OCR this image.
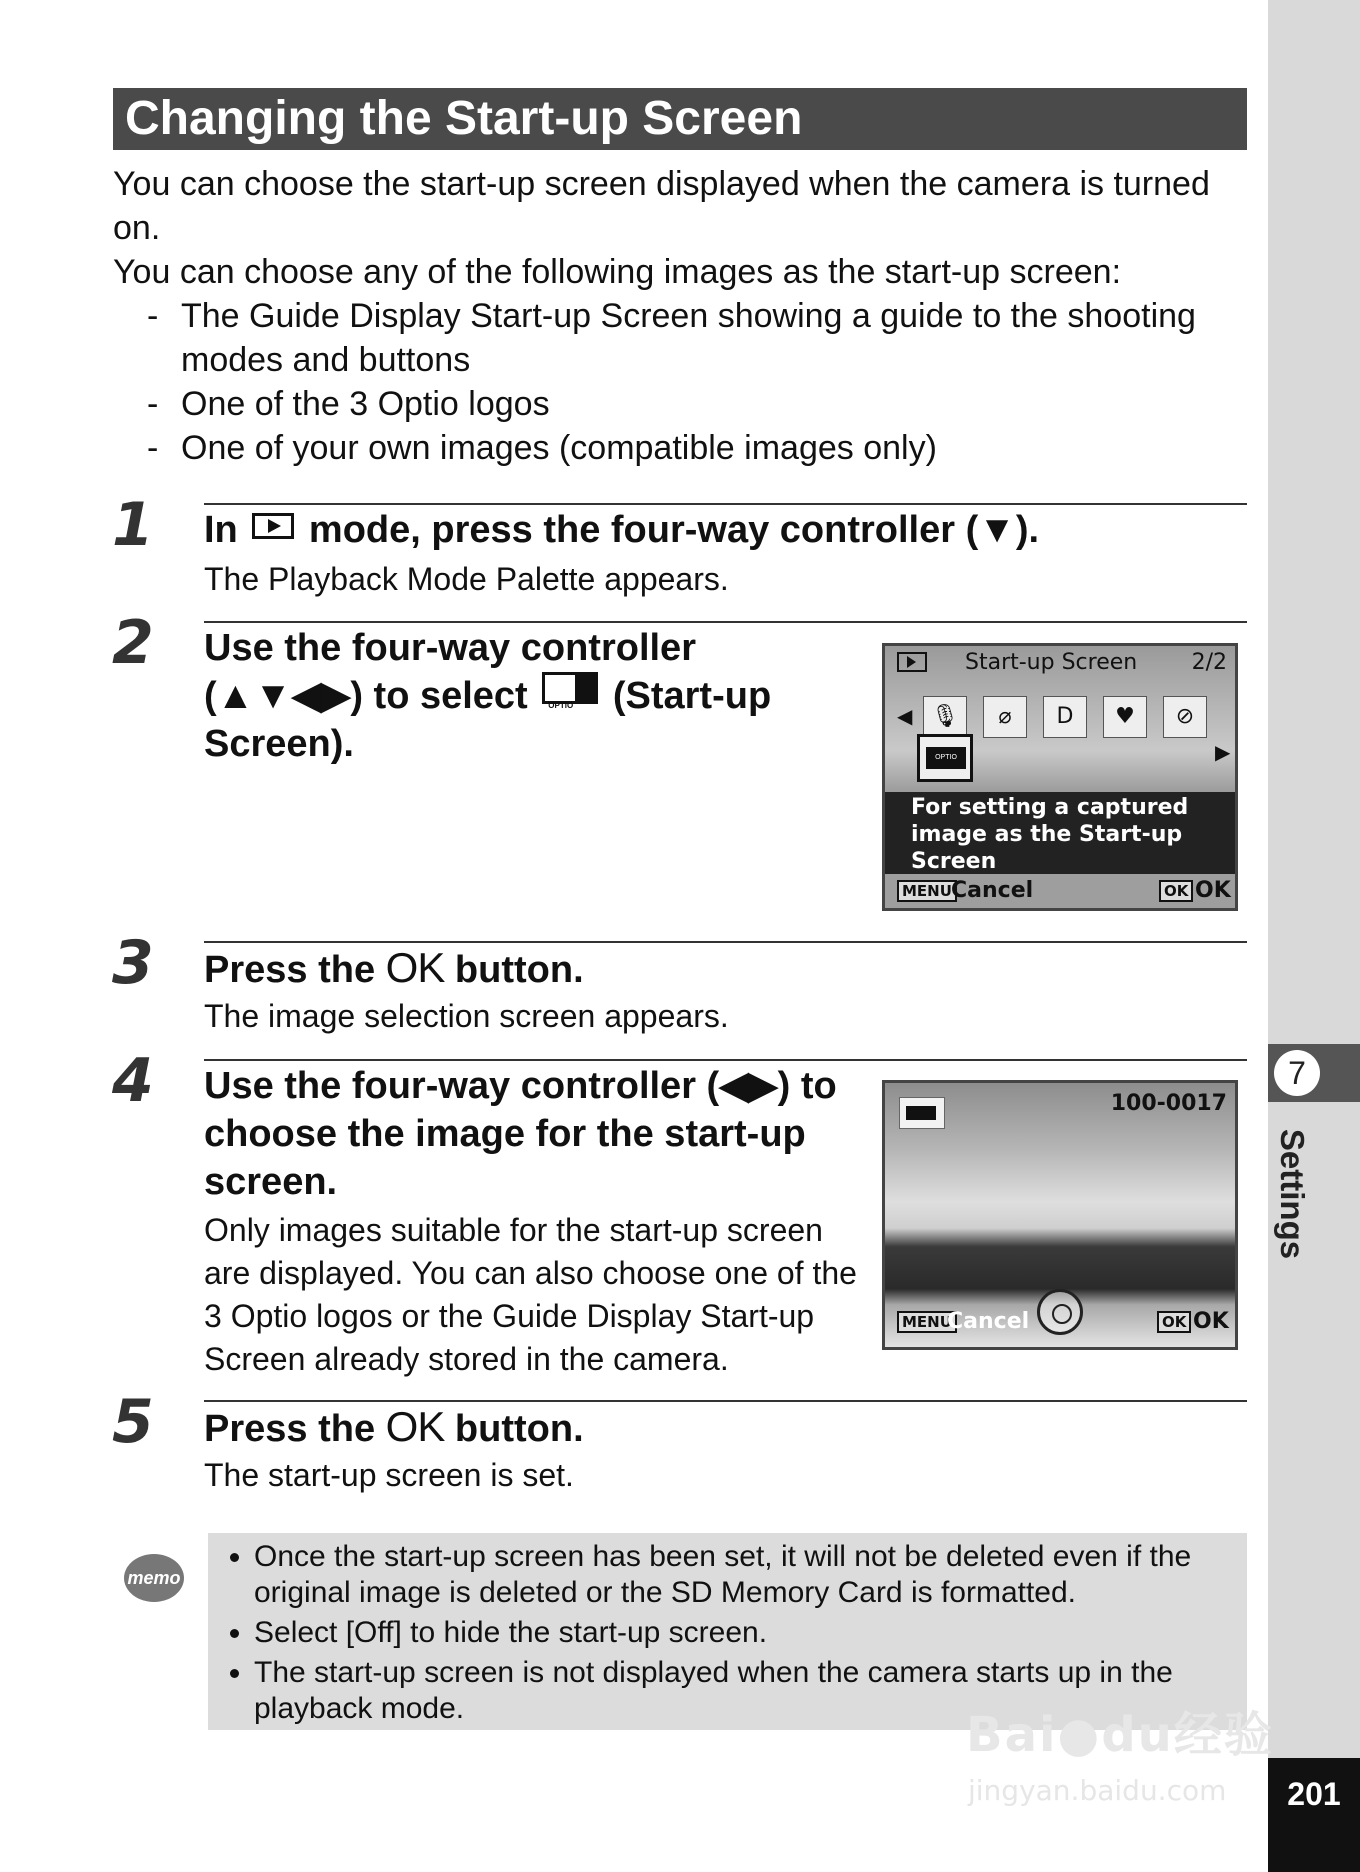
7
Settings
201
Changing the Start-up Screen

You can choose the start-up screen displayed when the camera is turned on.

You can choose any of the following images as the start-up screen:

- The Guide Display Start-up Screen showing a guide to the shooting modes and buttons
- One of the 3 Optio logos
- One of your own images (compatible images only)
1 In mode, press the four-way controller (▼).

The Playback Mode Palette appears.

2 Use the four-way controller (▲▼◀▶) to select OPTIO (Start-up Screen).
Start-up Screen 2/2
◀ 🎙	⌀	D	♥	⊘
▶
OPTIO
For setting a captured image as the Start-up Screen
MENU Cancel	OK OK
3 Press the OK button.

The image selection screen appears.

4 Use the four-way controller (◀▶) to choose the image for the start-up screen.

Only images suitable for the start-up screen are displayed. You can also choose one of the 3 Optio logos or the Guide Display Start-up Screen already stored in the camera.

100-0017
MENU
Cancel	OK OK
5 Press the OK button.

The start-up screen is set.

memo
• Once the start-up screen has been set, it will not be deleted even if the original image is deleted or the SD Memory Card is formatted.
• Select [Off] to hide the start-up screen.
• The start-up screen is not displayed when the camera starts up in the playback mode.	Bai●du经验
jingyan.baidu.com
